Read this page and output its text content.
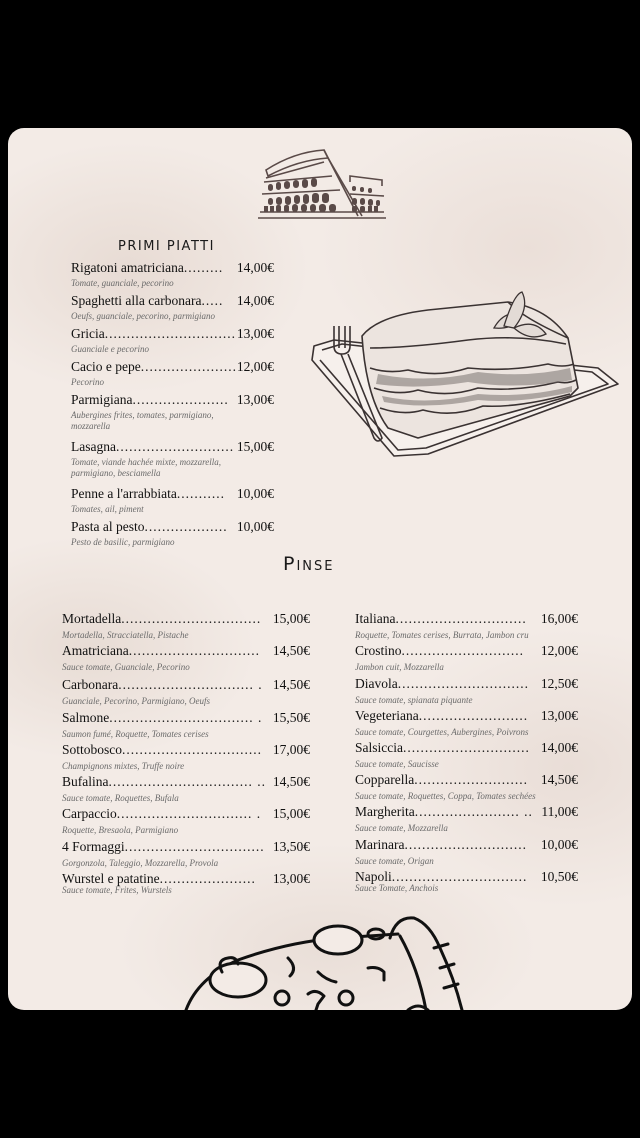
PRIMI PIATTI
Rigatoni amatriciana .........	14,00€
Tomate, guanciale, pecorino
Spaghetti alla carbonara .....	14,00€
Oeufs, guanciale, pecorino, parmigiano
Gricia .............................. 13,00€
Guanciale e pecorino
Cacio e pepe ...................... 12,00€
Pecorino
Parmigiana ...................... 13,00€
Aubergines frites, tomates, parmigiano, mozzarella
Lasagna ........................... 15,00€
Tomate, viande hachée mixte, mozzarella, parmigiano, besciamella
Penne a l'arrabbiata ........... 10,00€
Tomates, ail, piment
Pasta al pesto ................... 10,00€
Pesto de basilic, parmigiano
Pinse
Mortadella ................................ 15,00€
Mortadella, Stracciatella, Pistache
Amatriciana .............................. 14,50€
Sauce tomate, Guanciale, Pecorino
Carbonara ............................... . 14,50€
Guanciale, Pecorino, Parmigiano, Oeufs
Salmone ................................. . 15,50€
Saumon fumé, Roquette, Tomates cerises
Sottobosco ................................ 17,00€
Champignons mixtes, Truffe noire
Bufalina ................................. .. 14,50€
Sauce tomate, Roquettes, Bufala
Carpaccio ............................... . 15,00€
Roquette, Bresaola, Parmigiano
4 Formaggi ................................ 13,50€
Gorgonzola, Taleggio, Mozzarella, Provola
Wurstel e patatine ......................	13,00€
Sauce tomate, Frites, Wurstels
Italiana ..............................	16,00€
Roquette, Tomates cerises, Burrata, Jambon cru
Crostino ............................	12,00€
Jambon cuit, Mozzarella
Diavola .............................. 12,50€
Sauce tomate, spianata piquante
Vegeteriana ......................... 13,00€
Sauce tomate, Courgettes, Aubergines, Poivrons
Salsiccia ............................. 14,00€
Sauce tomate, Saucisse
Copparella .......................... 14,50€
Sauce tomate, Roquettes, Coppa, Tomates sechées
Margherita ........................ .. 11,00€
Sauce tomate, Mozzarella
Marinara ............................	10,00€
Sauce tomate, Origan
Napoli ...............................	10,50€
Sauce Tomate, Anchois
